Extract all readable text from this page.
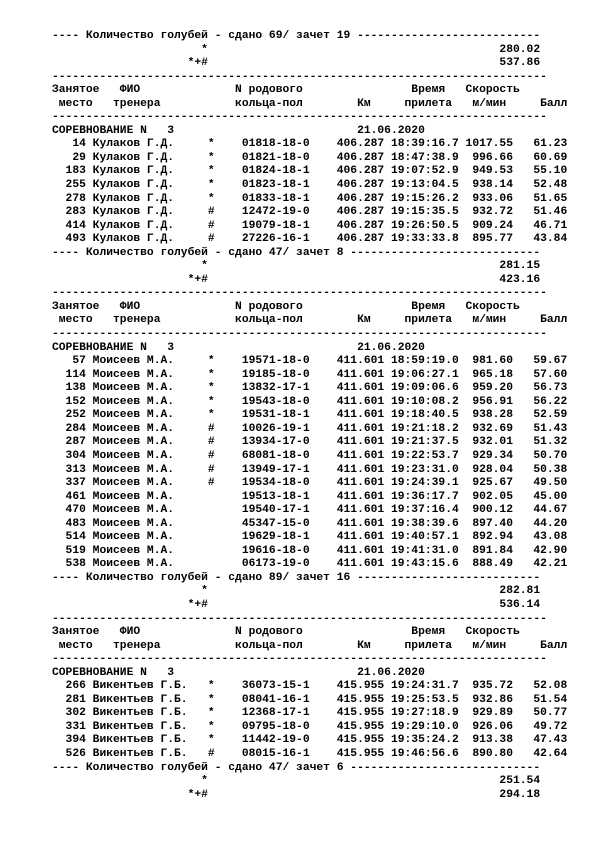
---- Количество голубей - сдано 69/ зачет 19 ---------------------------
*                                           280.02
*+#                                           537.86
-------------------------------------------------------------------------
Занятое   ФИО              N родового                Время   Скорость
место   тренера           кольца-пол        Км     прилета   м/мин     Балл
-------------------------------------------------------------------------
СОРЕВНОВАНИЕ N   3                           21.06.2020
14 Кулаков Г.Д.     *    01818-18-0    406.287 18:39:16.7 1017.55   61.23
29 Кулаков Г.Д.     *    01821-18-0    406.287 18:47:38.9  996.66   60.69
183 Кулаков Г.Д.     *    01824-18-1    406.287 19:07:52.9  949.53   55.10
255 Кулаков Г.Д.     *    01823-18-1    406.287 19:13:04.5  938.14   52.48
278 Кулаков Г.Д.     *    01833-18-1    406.287 19:15:26.2  933.06   51.65
283 Кулаков Г.Д.     #    12472-19-0    406.287 19:15:35.5  932.72   51.46
414 Кулаков Г.Д.     #    19079-18-1    406.287 19:26:50.5  909.24   46.71
493 Кулаков Г.Д.     #    27226-16-1    406.287 19:33:33.8  895.77   43.84
---- Количество голубей - сдано 47/ зачет 8 ----------------------------
*                                           281.15
*+#                                           423.16
-------------------------------------------------------------------------
Занятое   ФИО              N родового                Время   Скорость
место   тренера           кольца-пол        Км     прилета   м/мин     Балл
-------------------------------------------------------------------------
СОРЕВНОВАНИЕ N   3                           21.06.2020
57 Моисеев М.А.     *    19571-18-0    411.601 18:59:19.0  981.60   59.67
114 Моисеев М.А.     *    19185-18-0    411.601 19:06:27.1  965.18   57.60
138 Моисеев М.А.     *    13832-17-1    411.601 19:09:06.6  959.20   56.73
152 Моисеев М.А.     *    19543-18-0    411.601 19:10:08.2  956.91   56.22
252 Моисеев М.А.     *    19531-18-1    411.601 19:18:40.5  938.28   52.59
284 Моисеев М.А.     #    10026-19-1    411.601 19:21:18.2  932.69   51.43
287 Моисеев М.А.     #    13934-17-0    411.601 19:21:37.5  932.01   51.32
304 Моисеев М.А.     #    68081-18-0    411.601 19:22:53.7  929.34   50.70
313 Моисеев М.А.     #    13949-17-1    411.601 19:23:31.0  928.04   50.38
337 Моисеев М.А.     #    19534-18-0    411.601 19:24:39.1  925.67   49.50
461 Моисеев М.А.          19513-18-1    411.601 19:36:17.7  902.05   45.00
470 Моисеев М.А.          19540-17-1    411.601 19:37:16.4  900.12   44.67
483 Моисеев М.А.          45347-15-0    411.601 19:38:39.6  897.40   44.20
514 Моисеев М.А.          19629-18-1    411.601 19:40:57.1  892.94   43.08
519 Моисеев М.А.          19616-18-0    411.601 19:41:31.0  891.84   42.90
538 Моисеев М.А.          06173-19-0    411.601 19:43:15.6  888.49   42.21
---- Количество голубей - сдано 89/ зачет 16 ---------------------------
*                                           282.81
*+#                                           536.14
-------------------------------------------------------------------------
Занятое   ФИО              N родового                Время   Скорость
место   тренера           кольца-пол        Км     прилета   м/мин     Балл
-------------------------------------------------------------------------
СОРЕВНОВАНИЕ N   3                           21.06.2020
266 Викентьев Г.Б.   *    36073-15-1    415.955 19:24:31.7  935.72   52.08
281 Викентьев Г.Б.   *    08041-16-1    415.955 19:25:53.5  932.86   51.54
302 Викентьев Г.Б.   *    12368-17-1    415.955 19:27:18.9  929.89   50.77
331 Викентьев Г.Б.   *    09795-18-0    415.955 19:29:10.0  926.06   49.72
394 Викентьев Г.Б.   *    11442-19-0    415.955 19:35:24.2  913.38   47.43
526 Викентьев Г.Б.   #    08015-16-1    415.955 19:46:56.6  890.80   42.64
---- Количество голубей - сдано 47/ зачет 6 ----------------------------
*                                           251.54
*+#                                           294.18
